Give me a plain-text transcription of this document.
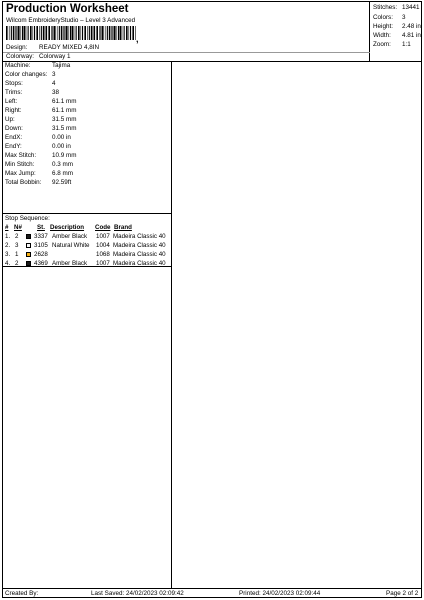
Production Worksheet
Wilcom EmbroideryStudio – Level 3 Advanced
,
Design: READY MIXED 4,8IN
Colorway: Colorway 1
Stitches: 13441
Colors: 3
Height: 2.48 in
Width: 4.81 in
Zoom: 1:1
Machine:	Tajima
Color changes: 3
Stops:	4
Trims:	38
Left:	61.1 mm
Right:	61.1 mm
Up:	31.5 mm
Down:	31.5 mm
EndX:	0.00 in
EndY:	0.00 in
Max Stitch:	10.9 mm
Min Stitch:	0.3 mm
Max Jump:	6.8 mm
Total Bobbin: 92.59ft
Stop Sequence:
# N# St. Description Code Brand
1. 2	3337 Amber Black 1007 Madeira Classic 40
2. 3	3105 Natural White 1004 Madeira Classic 40
3. 1	2628	1068 Madeira Classic 40
4. 2	4369 Amber Black 1007 Madeira Classic 40
Created By:	Last Saved: 24/02/2023 02:09:42	Printed: 24/02/2023 02:09:44	Page 2 of 2
